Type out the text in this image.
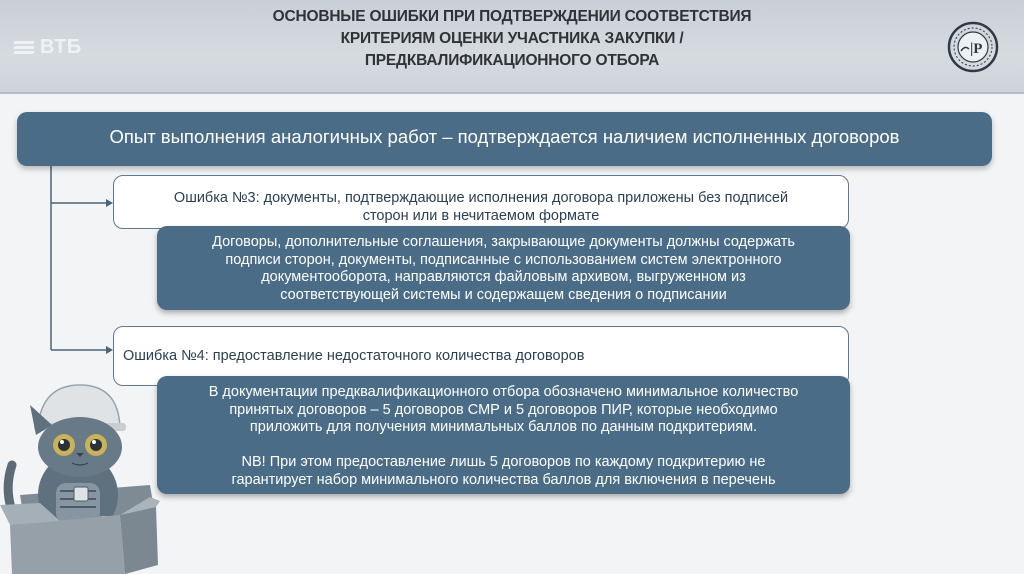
ВТБ
ОСНОВНЫЕ ОШИБКИ ПРИ ПОДТВЕРЖДЕНИИ СООТВЕТСТВИЯ
КРИТЕРИЯМ ОЦЕНКИ УЧАСТНИКА ЗАКУПКИ /
ПРЕДКВАЛИФИКАЦИОННОГО ОТБОРА
|P
Опыт выполнения аналогичных работ – подтверждается наличием исполненных договоров
Ошибка №3: документы, подтверждающие исполнения договора приложены без подписей
сторон или в нечитаемом формате

Договоры, дополнительные соглашения, закрывающие документы должны содержать

подписи сторон, документы, подписанные с использованием систем электронного

документооборота, направляются файловым архивом, выгруженном из

соответствующей системы и содержащем сведения о подписании

Ошибка №4: предоставление недостаточного количества договоров

В документации предквалификационного отбора обозначено минимальное количество

принятых договоров – 5 договоров СМР и 5 договоров ПИР, которые необходимо

приложить для получения минимальных баллов по данным подкритериям.

NB! При этом предоставление лишь 5 договоров по каждому подкритерию не

гарантирует набор минимального количества баллов для включения в перечень
